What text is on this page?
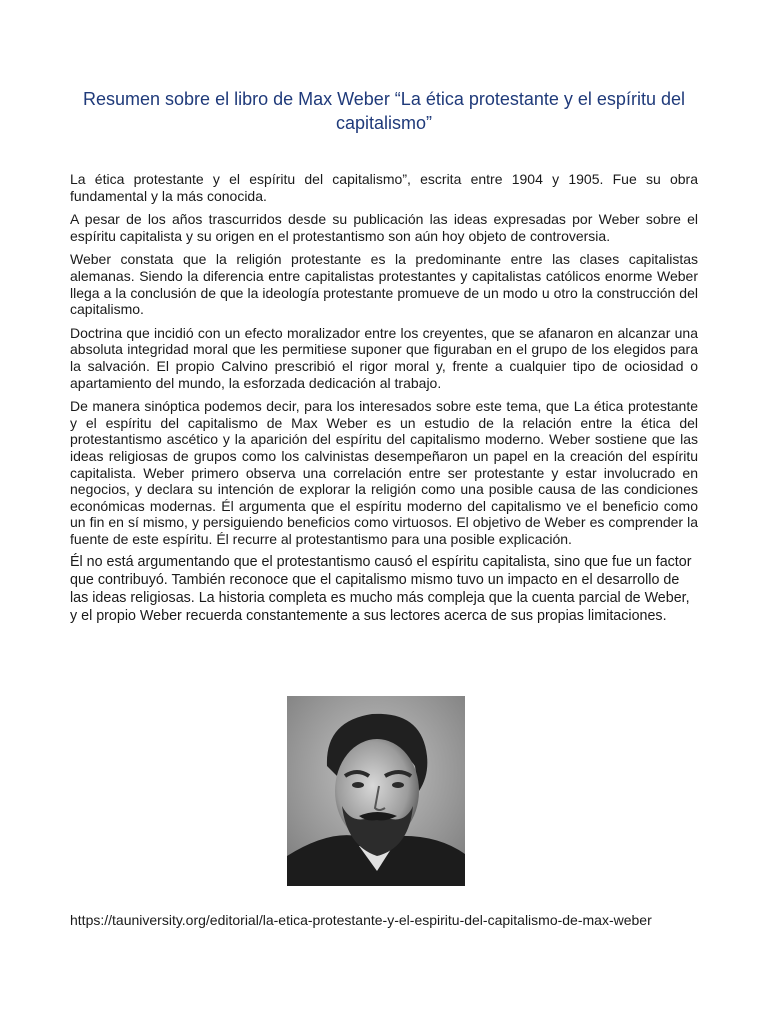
Resumen sobre el libro de Max Weber “La ética protestante y el espíritu del capitalismo”

La ética protestante y el espíritu del capitalismo”, escrita entre 1904 y 1905. Fue su obra fundamental y la más conocida.

A pesar de los años trascurridos desde su publicación las ideas expresadas por Weber sobre el espíritu capitalista y su origen en el protestantismo son aún hoy objeto de controversia.

Weber constata que la religión protestante es la predominante entre las clases capitalistas alemanas. Siendo la diferencia entre capitalistas protestantes y capitalistas católicos enorme Weber llega a la conclusión de que la ideología protestante promueve de un modo u otro la construcción del capitalismo.

Doctrina que incidió con un efecto moralizador entre los creyentes, que se afanaron en alcanzar una absoluta integridad moral que les permitiese suponer que figuraban en el grupo de los elegidos para la salvación. El propio Calvino prescribió el rigor moral y, frente a cualquier tipo de ociosidad o apartamiento del mundo, la esforzada dedicación al trabajo.

De manera sinóptica podemos decir, para los interesados sobre este tema, que La ética protestante y el espíritu del capitalismo de Max Weber es un estudio de la relación entre la ética del protestantismo ascético y la aparición del espíritu del capitalismo moderno. Weber sostiene que las ideas religiosas de grupos como los calvinistas desempeñaron un papel en la creación del espíritu capitalista. Weber primero observa una correlación entre ser protestante y estar involucrado en negocios, y declara su intención de explorar la religión como una posible causa de las condiciones económicas modernas. Él argumenta que el espíritu moderno del capitalismo ve el beneficio como un fin en sí mismo, y persiguiendo beneficios como virtuosos. El objetivo de Weber es comprender la fuente de este espíritu. Él recurre al protestantismo para una posible explicación.

Él no está argumentando que el protestantismo causó el espíritu capitalista, sino que fue un factor que contribuyó. También reconoce que el capitalismo mismo tuvo un impacto en el desarrollo de las ideas religiosas. La historia completa es mucho más compleja que la cuenta parcial de Weber, y el propio Weber recuerda constantemente a sus lectores acerca de sus propias limitaciones.

https://tauniversity.org/editorial/la-etica-protestante-y-el-espiritu-del-capitalismo-de-max-weber
